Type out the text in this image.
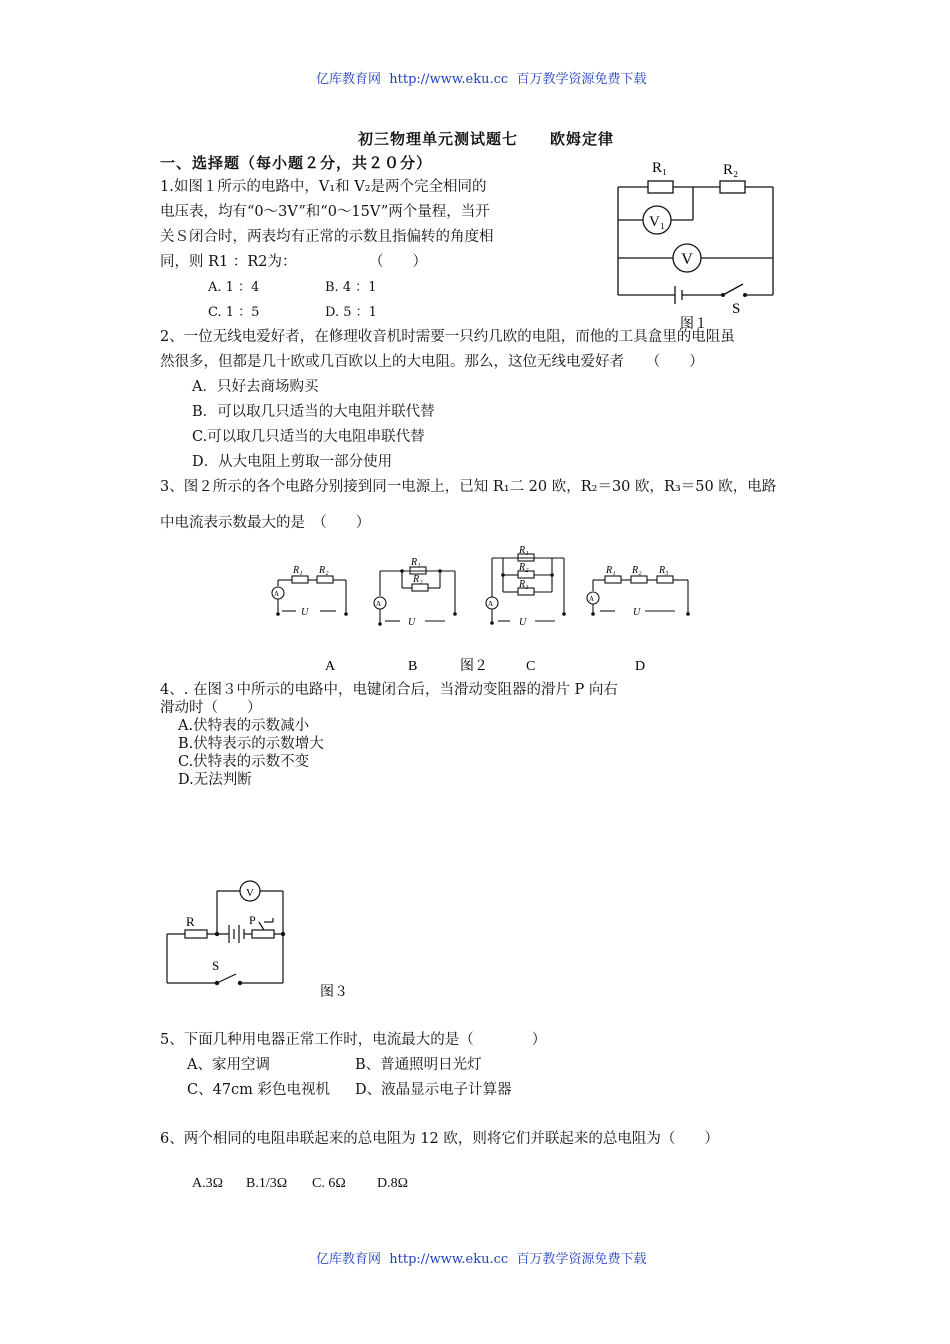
亿库教育网 http://www.eku.cc 百万教学资源免费下载
初三物理单元测试题七　　欧姆定律
一、选择题（每小题２分，共２０分）
1.如图１所示的电路中，V₁和 V₂是两个完全相同的
电压表，均有“0～3V”和“0～15V”两个量程，当开
关Ｓ闭合时，两表均有正常的示数且指偏转的角度相
同，则 R1 ：R2为：　　　　　　（　　）
A. 1 ：4	B. 4 ：1
C. 1 ：5	D. 5 ：1
R₁	R₂
V₁
V
S
图１
2、一位无线电爱好者，在修理收音机时需要一只约几欧的电阻，而他的工具盒里的电阻虽
然很多，但都是几十欧或几百欧以上的大电阻。那么，这位无线电爱好者　　（　　）
A．只好去商场购买
B．可以取几只适当的大电阻并联代替
C.可以取几只适当的大电阻串联代替
D．从大电阻上剪取一部分使用
3、图２所示的各个电路分别接到同一电源上，已知 R₁二 20 欧，R₂＝30 欧，R₃＝50 欧，电路
中电流表示数最大的是　（　　）
R₁ R₂
A
U
R₁
R₂
A
U
R₁
R₂
R₃
A
U
R₁ R₂ R₃
A
U
A	B	图２	C	D
4、. 在图３中所示的电路中，电键闭合后，当滑动变阻器的滑片 P 向右
滑动时（　　）
A.伏特表的示数减小
B.伏特表示的示数增大
C.伏特表的示数不变
D.无法判断
V
R	P
S
图３
5、下面几种用电器正常工作时，电流最大的是（　　　　）
A、家用空调	B、普通照明日光灯
C、47cm 彩色电视机 D、液晶显示电子计算器
6、两个相同的电阻串联起来的总电阻为 12 欧，则将它们并联起来的总电阻为（　　）
A.3Ω B.1/3Ω C. 6Ω D.8Ω
亿库教育网 http://www.eku.cc 百万教学资源免费下载
